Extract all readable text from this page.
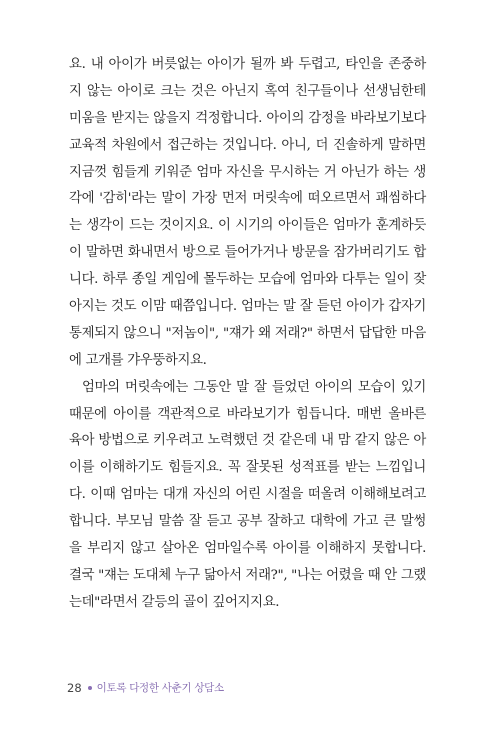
요. 내 아이가 버릇없는 아이가 될까 봐 두렵고, 타인을 존중하
지 않는 아이로 크는 것은 아닌지 혹여 친구들이나 선생님한테
미움을 받지는 않을지 걱정합니다. 아이의 감정을 바라보기보다
교육적 차원에서 접근하는 것입니다. 아니, 더 진솔하게 말하면
지금껏 힘들게 키워준 엄마 자신을 무시하는 거 아닌가 하는 생
각에 '감히'라는 말이 가장 먼저 머릿속에 떠오르면서 괘씸하다
는 생각이 드는 것이지요. 이 시기의 아이들은 엄마가 훈계하듯
이 말하면 화내면서 방으로 들어가거나 방문을 잠가버리기도 합
니다. 하루 종일 게임에 몰두하는 모습에 엄마와 다투는 일이 잦
아지는 것도 이맘 때쯤입니다. 엄마는 말 잘 듣던 아이가 갑자기
통제되지 않으니 "저놈이", "쟤가 왜 저래?" 하면서 답답한 마음
에 고개를 갸우뚱하지요.

엄마의 머릿속에는 그동안 말 잘 들었던 아이의 모습이 있기
때문에 아이를 객관적으로 바라보기가 힘듭니다. 매번 올바른
육아 방법으로 키우려고 노력했던 것 같은데 내 맘 같지 않은 아
이를 이해하기도 힘들지요. 꼭 잘못된 성적표를 받는 느낌입니
다. 이때 엄마는 대개 자신의 어린 시절을 떠올려 이해해보려고
합니다. 부모님 말씀 잘 듣고 공부 잘하고 대학에 가고 큰 말썽
을 부리지 않고 살아온 엄마일수록 아이를 이해하지 못합니다.
결국 "쟤는 도대체 누구 닮아서 저래?", "나는 어렸을 때 안 그랬
는데"라면서 갈등의 골이 깊어지지요.

28 이토록 다정한 사춘기 상담소
